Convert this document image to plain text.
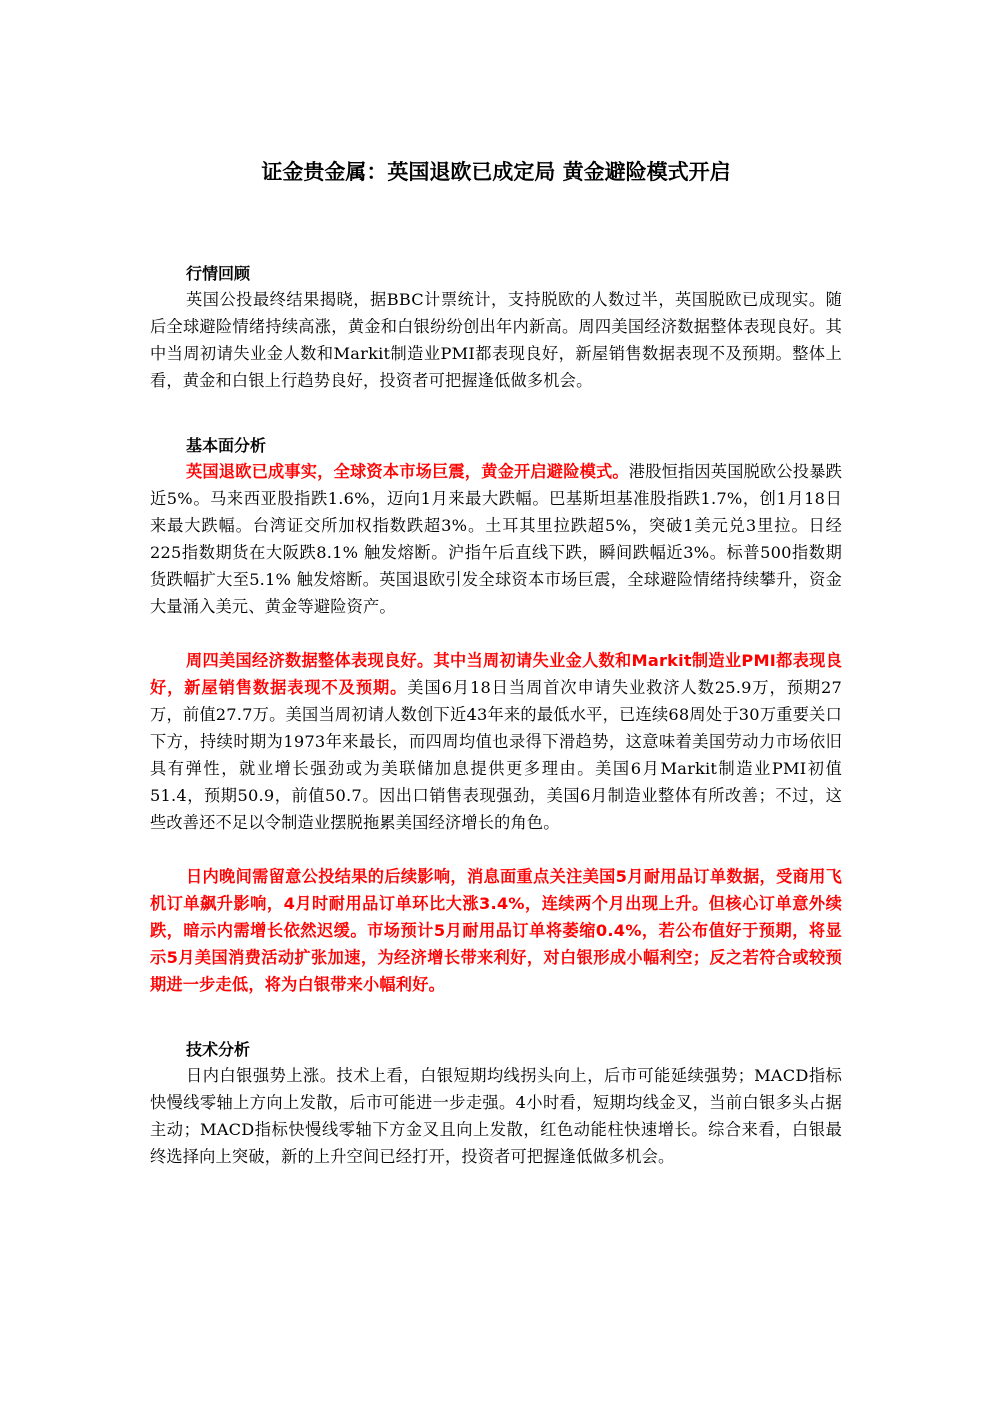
证金贵金属：英国退欧已成定局 黄金避险模式开启
行情回顾

英国公投最终结果揭晓，据BBC计票统计，支持脱欧的人数过半，英国脱欧已成现实。随后全球避险情绪持续高涨，黄金和白银纷纷创出年内新高。周四美国经济数据整体表现良好。其中当周初请失业金人数和Markit制造业PMI都表现良好，新屋销售数据表现不及预期。整体上看，黄金和白银上行趋势良好，投资者可把握逢低做多机会。

基本面分析

英国退欧已成事实，全球资本市场巨震，黄金开启避险模式。港股恒指因英国脱欧公投暴跌近5%。马来西亚股指跌1.6%，迈向1月来最大跌幅。巴基斯坦基准股指跌1.7%，创1月18日来最大跌幅。台湾证交所加权指数跌超3%。土耳其里拉跌超5%，突破1美元兑3里拉。日经225指数期货在大阪跌8.1% 触发熔断。沪指午后直线下跌，瞬间跌幅近3%。标普500指数期货跌幅扩大至5.1% 触发熔断。英国退欧引发全球资本市场巨震，全球避险情绪持续攀升，资金大量涌入美元、黄金等避险资产。

周四美国经济数据整体表现良好。其中当周初请失业金人数和Markit制造业PMI都表现良好，新屋销售数据表现不及预期。美国6月18日当周首次申请失业救济人数25.9万，预期27万，前值27.7万。美国当周初请人数创下近43年来的最低水平，已连续68周处于30万重要关口下方，持续时期为1973年来最长，而四周均值也录得下滑趋势，这意味着美国劳动力市场依旧具有弹性，就业增长强劲或为美联储加息提供更多理由。美国6月Markit制造业PMI初值51.4，预期50.9，前值50.7。因出口销售表现强劲，美国6月制造业整体有所改善；不过，这些改善还不足以令制造业摆脱拖累美国经济增长的角色。

日内晚间需留意公投结果的后续影响，消息面重点关注美国5月耐用品订单数据，受商用飞机订单飙升影响，4月时耐用品订单环比大涨3.4%，连续两个月出现上升。但核心订单意外续跌，暗示内需增长依然迟缓。市场预计5月耐用品订单将萎缩0.4%，若公布值好于预期，将显示5月美国消费活动扩张加速，为经济增长带来利好，对白银形成小幅利空；反之若符合或较预期进一步走低，将为白银带来小幅利好。

技术分析

日内白银强势上涨。技术上看，白银短期均线拐头向上，后市可能延续强势；MACD指标快慢线零轴上方向上发散，后市可能进一步走强。4小时看，短期均线金叉，当前白银多头占据主动；MACD指标快慢线零轴下方金叉且向上发散，红色动能柱快速增长。综合来看，白银最终选择向上突破，新的上升空间已经打开，投资者可把握逢低做多机会。
